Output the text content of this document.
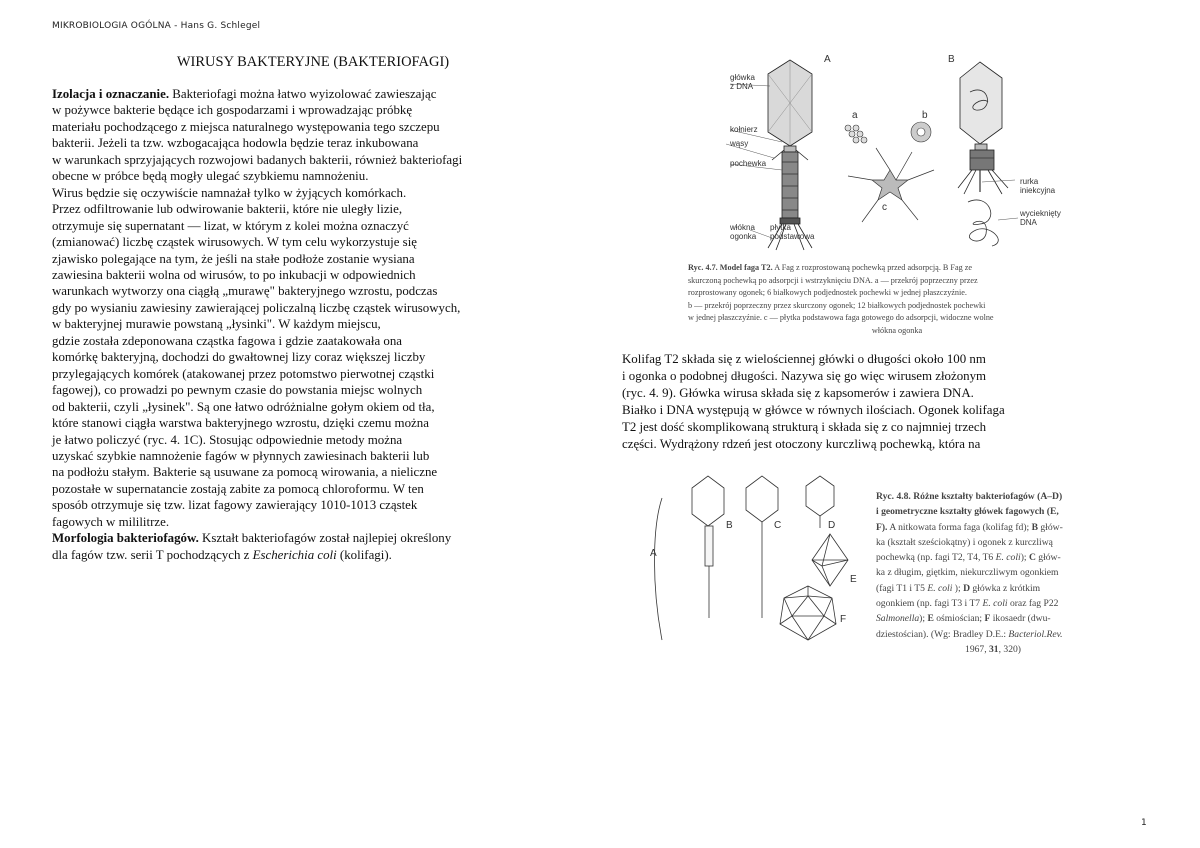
MIKROBIOLOGIA OGÓLNA - Hans G. Schlegel
1
WIRUSY BAKTERYJNE (BAKTERIOFAGI)
Izolacja i oznaczanie. Bakteriofagi można łatwo wyizolować zawieszając
w pożywce bakterie będące ich gospodarzami i wprowadzając próbkę
materiału pochodzącego z miejsca naturalnego występowania tego szczepu
bakterii. Jeżeli ta tzw. wzbogacająca hodowla będzie teraz inkubowana
w warunkach sprzyjających rozwojowi badanych bakterii, również bakteriofagi
obecne w próbce będą mogły ulegać szybkiemu namnożeniu.
Wirus będzie się oczywiście namnażał tylko w żyjących komórkach.
Przez odfiltrowanie lub odwirowanie bakterii, które nie uległy lizie,
otrzymuje się supernatant — lizat, w którym z kolei można oznaczyć
(zmianować) liczbę cząstek wirusowych. W tym celu wykorzystuje się
zjawisko polegające na tym, że jeśli na stałe podłoże zostanie wysiana
zawiesina bakterii wolna od wirusów, to po inkubacji w odpowiednich
warunkach wytworzy ona ciągłą „murawę" bakteryjnego wzrostu, podczas
gdy po wysianiu zawiesiny zawierającej policzalną liczbę cząstek wirusowych,
w bakteryjnej murawie powstaną „łysinki". W każdym miejscu,
gdzie została zdeponowana cząstka fagowa i gdzie zaatakowała ona
komórkę bakteryjną, dochodzi do gwałtownej lizy coraz większej liczby
przylegających komórek (atakowanej przez potomstwo pierwotnej cząstki
fagowej), co prowadzi po pewnym czasie do powstania miejsc wolnych
od bakterii, czyli „łysinek". Są one łatwo odróżnialne gołym okiem od tła,
które stanowi ciągła warstwa bakteryjnego wzrostu, dzięki czemu można
je łatwo policzyć (ryc. 4. 1C). Stosując odpowiednie metody można
uzyskać szybkie namnożenie fagów w płynnych zawiesinach bakterii lub
na podłożu stałym. Bakterie są usuwane za pomocą wirowania, a nieliczne
pozostałe w supernatancie zostają zabite za pomocą chloroformu. W ten
sposób otrzymuje się tzw. lizat fagowy zawierający 1010-1013 cząstek
fagowych w mililitrze.
Morfologia bakteriofagów. Kształt bakteriofagów został najlepiej określony
dla fagów tzw. serii T pochodzących z Escherichia coli (kolifagi).
główka
z DNA
kołnierz
wąsy
pochewka
włókna
ogonka
płytka
podstawowa
rurka
iniekcyjna
wycieknięty
DNA
A	B
a	b
c
Ryc. 4.7. Model faga T2. A Fag z rozprostowaną pochewką przed adsorpcją. B Fag ze
skurczoną pochewką po adsorpcji i wstrzyknięciu DNA. a — przekrój poprzeczny przez
rozprostowany ogonek; 6 białkowych podjednostek pochewki w jednej płaszczyźnie.
b — przekrój poprzeczny przez skurczony ogonek; 12 białkowych podjednostek pochewki
w jednej płaszczyźnie. c — płytka podstawowa faga gotowego do adsorpcji, widoczne wolne

włókna ogonka
Kolifag T2 składa się z wielościennej główki o długości około 100 nm
i ogonka o podobnej długości. Nazywa się go więc wirusem złożonym
(ryc. 4. 9). Główka wirusa składa się z kapsomerów i zawiera DNA.
Białko i DNA występują w główce w równych ilościach. Ogonek kolifaga
T2 jest dość skomplikowaną strukturą i składa się z co najmniej trzech
części. Wydrążony rdzeń jest otoczony kurczliwą pochewką, która na
A
B	C	D
E
F
Ryc. 4.8. Różne kształty bakteriofagów (A–D)
i geometryczne kształty główek fagowych (E,
F). A nitkowata forma faga (kolifag fd); B głów-
ka (kształt sześciokątny) i ogonek z kurczliwą
pochewką (np. fagi T2, T4, T6 E. coli); C głów-
ka z długim, giętkim, niekurczliwym ogonkiem
(fagi T1 i T5 E. coli ); D główka z krótkim
ogonkiem (np. fagi T3 i T7 E. coli oraz fag P22
Salmonella); E ośmiościan; F ikosaedr (dwu-
dziestościan). (Wg: Bradley D.E.: Bacteriol.Rev.

1967, 31, 320)
